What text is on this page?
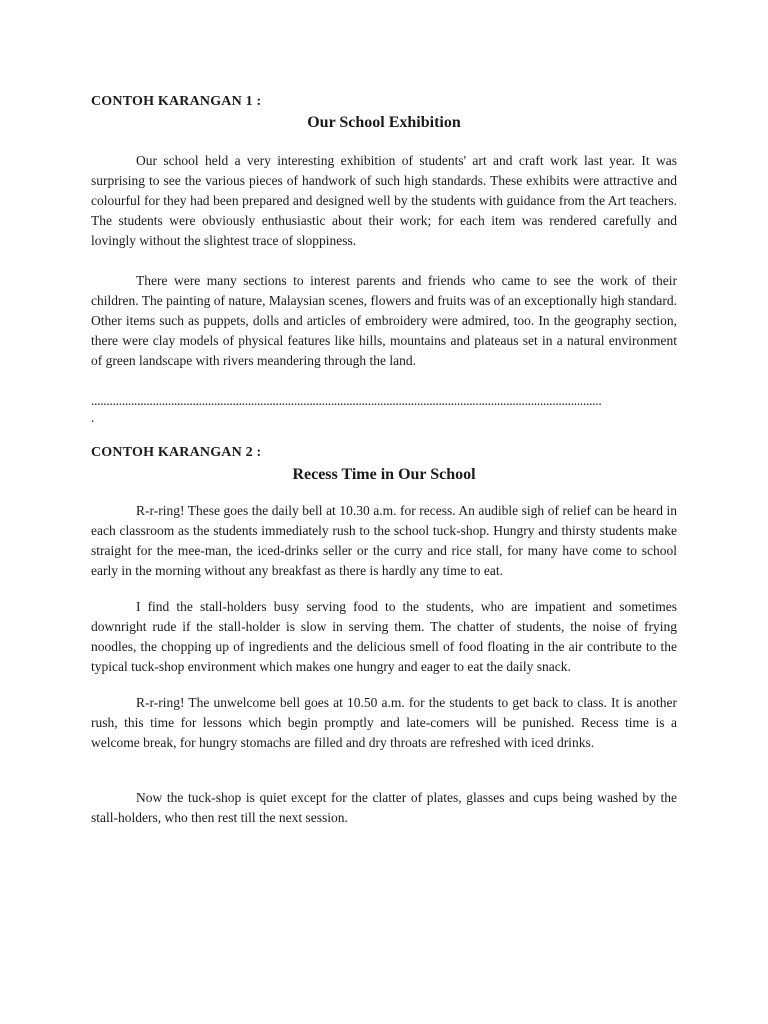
CONTOH KARANGAN 1 :

Our School Exhibition

Our school held a very interesting exhibition of students' art and craft work last year. It was surprising to see the various pieces of handwork of such high standards. These exhibits were attractive and colourful for they had been prepared and designed well by the students with guidance from the Art teachers. The students were obviously enthusiastic about their work; for each item was rendered carefully and lovingly without the slightest trace of sloppiness.

There were many sections to interest parents and friends who came to see the work of their children. The painting of nature, Malaysian scenes, flowers and fruits was of an exceptionally high standard. Other items such as puppets, dolls and articles of embroidery were admired, too. In the geography section, there were clay models of physical features like hills, mountains and plateaus set in a natural environment of green landscape with rivers meandering through the land.

......................................................................................................................................................................

.

CONTOH KARANGAN 2 :

Recess Time in Our School

R-r-ring! These goes the daily bell at 10.30 a.m. for recess. An audible sigh of relief can be heard in each classroom as the students immediately rush to the school tuck-shop. Hungry and thirsty students make straight for the mee-man, the iced-drinks seller or the curry and rice stall, for many have come to school early in the morning without any breakfast as there is hardly any time to eat.

I find the stall-holders busy serving food to the students, who are impatient and sometimes downright rude if the stall-holder is slow in serving them. The chatter of students, the noise of frying noodles, the chopping up of ingredients and the delicious smell of food floating in the air contribute to the typical tuck-shop environment which makes one hungry and eager to eat the daily snack.

R-r-ring! The unwelcome bell goes at 10.50 a.m. for the students to get back to class. It is another rush, this time for lessons which begin promptly and late-comers will be punished. Recess time is a welcome break, for hungry stomachs are filled and dry throats are refreshed with iced drinks.

Now the tuck-shop is quiet except for the clatter of plates, glasses and cups being washed by the stall-holders, who then rest till the next session.
